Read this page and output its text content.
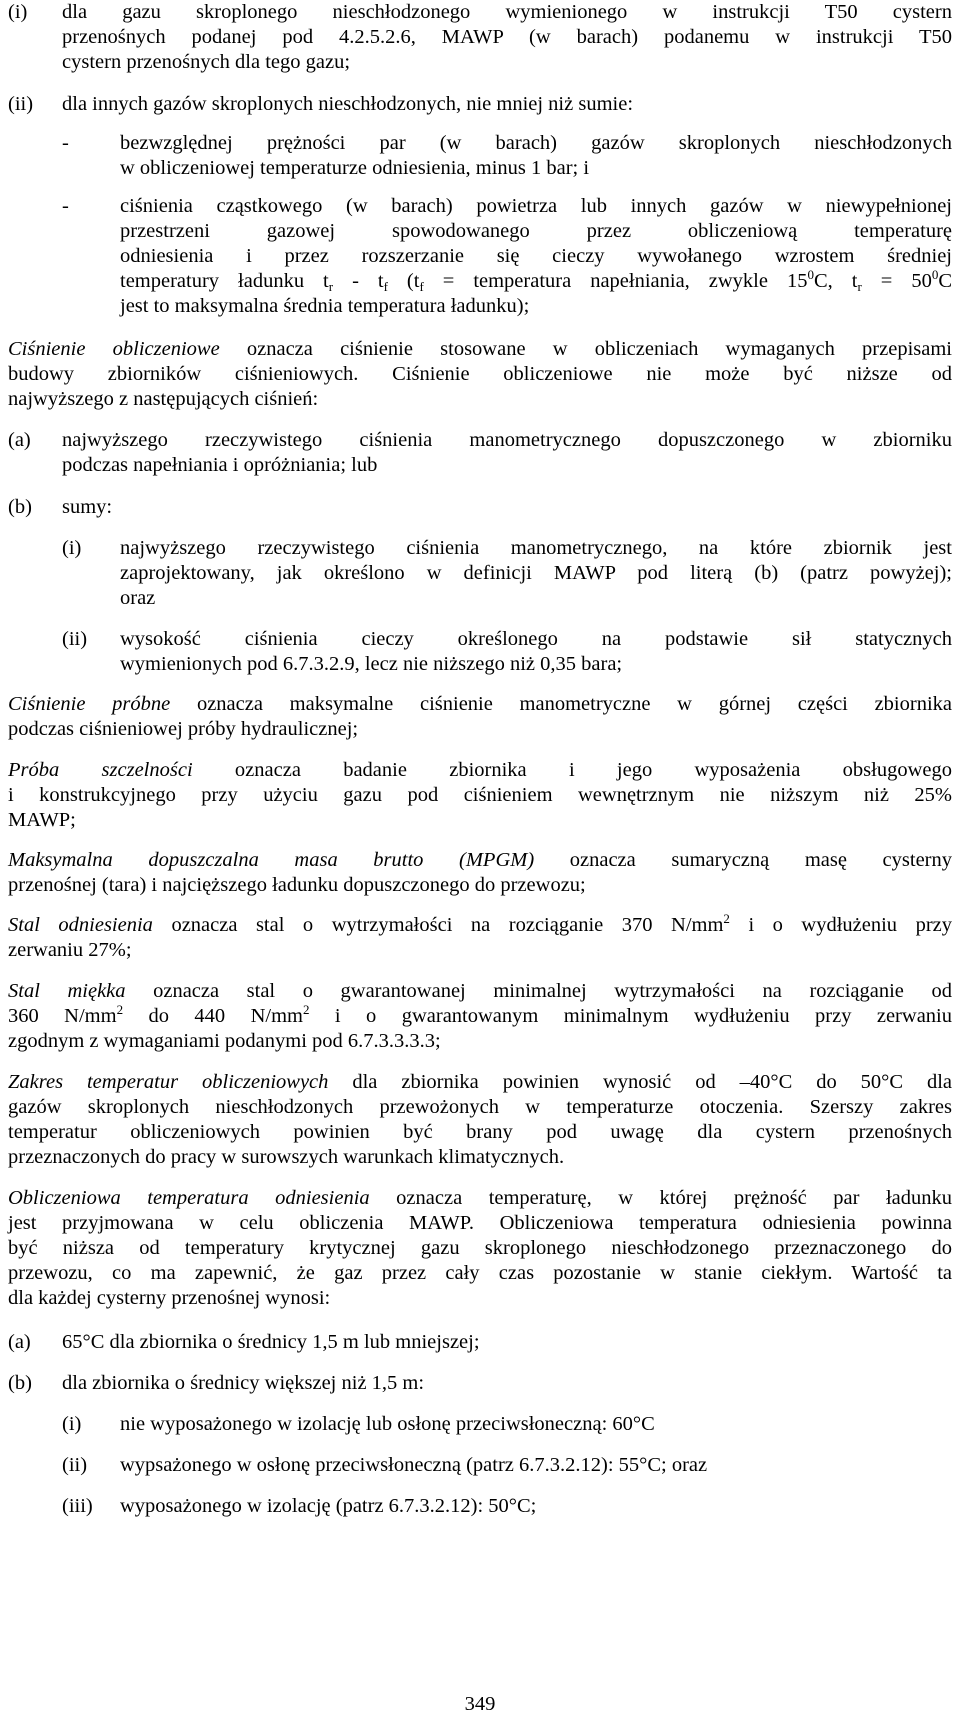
(i) dla gazu skroplonego nieschłodzonego wymienionego w instrukcji T50 cystern
przenośnych podanej pod 4.2.5.2.6, MAWP (w barach) podanemu w instrukcji T50
cystern przenośnych dla tego gazu;
(ii) dla innych gazów skroplonych nieschłodzonych, nie mniej niż sumie:
- bezwzględnej prężności par (w barach) gazów skroplonych nieschłodzonych
w obliczeniowej temperaturze odniesienia, minus 1 bar; i
- ciśnienia cząstkowego (w barach) powietrza lub innych gazów w niewypełnionej
przestrzeni gazowej spowodowanego przez obliczeniową temperaturę
odniesienia i przez rozszerzanie się cieczy wywołanego wzrostem średniej
temperatury ładunku $t_r - t_f$ ($t_f$ = temperatura napełniania, zwykle $15^0C$, $t_r = 50^0C$
jest to maksymalna średnia temperatura ładunku);
Ciśnienie obliczeniowe oznacza ciśnienie stosowane w obliczeniach wymaganych przepisami
budowy zbiorników ciśnieniowych. Ciśnienie obliczeniowe nie może być niższe od
najwyższego z następujących ciśnień:
(a) najwyższego rzeczywistego ciśnienia manometrycznego dopuszczonego w zbiorniku
podczas napełniania i opróżniania; lub
(b) sumy:
(i) najwyższego rzeczywistego ciśnienia manometrycznego, na które zbiornik jest
zaprojektowany, jak określono w definicji MAWP pod literą (b) (patrz powyżej);
oraz
(ii) wysokość ciśnienia cieczy określonego na podstawie sił statycznych
wymienionych pod 6.7.3.2.9, lecz nie niższego niż 0,35 bara;
Ciśnienie próbne oznacza maksymalne ciśnienie manometryczne w górnej części zbiornika
podczas ciśnieniowej próby hydraulicznej;
Próba szczelności oznacza badanie zbiornika i jego wyposażenia obsługowego
i konstrukcyjnego przy użyciu gazu pod ciśnieniem wewnętrznym nie niższym niż 25%
MAWP;
Maksymalna dopuszczalna masa brutto (MPGM) oznacza sumaryczną masę cysterny
przenośnej (tara) i najcięższego ładunku dopuszczonego do przewozu;
Stal odniesienia oznacza stal o wytrzymałości na rozciąganie 370 $N/mm^2$ i o wydłużeniu przy
zerwaniu 27%;
Stal miękka oznacza stal o gwarantowanej minimalnej wytrzymałości na rozciąganie od
360 $N/mm^2$ do 440 $N/mm^2$ i o gwarantowanym minimalnym wydłużeniu przy zerwaniu
zgodnym z wymaganiami podanymi pod 6.7.3.3.3.3;
Zakres temperatur obliczeniowych dla zbiornika powinien wynosić od –40°C do 50°C dla
gazów skroplonych nieschłodzonych przewożonych w temperaturze otoczenia. Szerszy zakres
temperatur obliczeniowych powinien być brany pod uwagę dla cystern przenośnych
przeznaczonych do pracy w surowszych warunkach klimatycznych.
Obliczeniowa temperatura odniesienia oznacza temperaturę, w której prężność par ładunku
jest przyjmowana w celu obliczenia MAWP. Obliczeniowa temperatura odniesienia powinna
być niższa od temperatury krytycznej gazu skroplonego nieschłodzonego przeznaczonego do
przewozu, co ma zapewnić, że gaz przez cały czas pozostanie w stanie ciekłym. Wartość ta
dla każdej cysterny przenośnej wynosi:
(a) 65°C dla zbiornika o średnicy 1,5 m lub mniejszej;
(b) dla zbiornika o średnicy większej niż 1,5 m:
(i) nie wyposażonego w izolację lub osłonę przeciwsłoneczną: 60°C
(ii) wypsażonego w osłonę przeciwsłoneczną (patrz 6.7.3.2.12): 55°C; oraz
(iii) wyposażonego w izolację (patrz 6.7.3.2.12): 50°C;
349
